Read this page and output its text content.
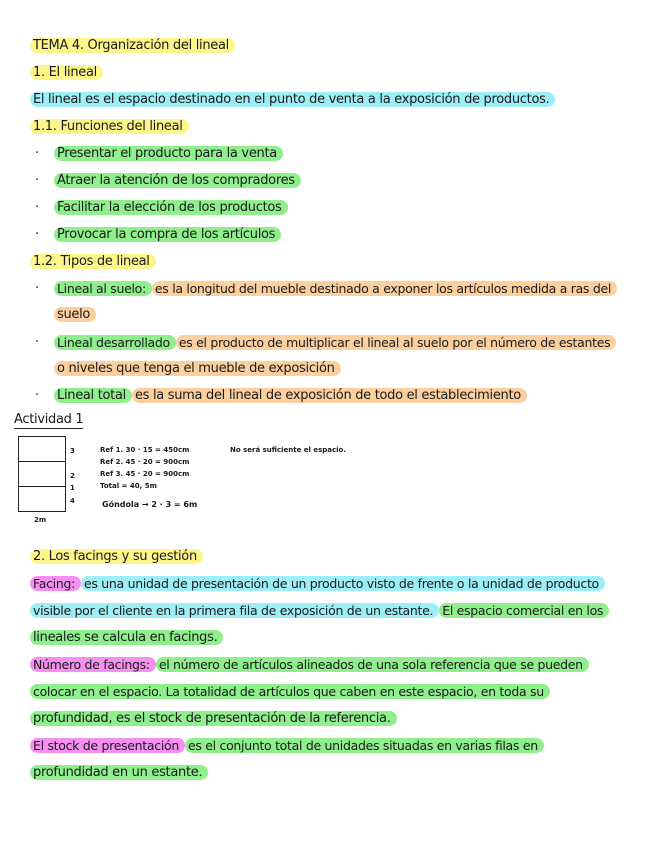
TEMA 4. Organización del lineal
1. El lineal
El lineal es el espacio destinado en el punto de venta a la exposición de productos.
1.1. Funciones del lineal
· Presentar el producto para la venta
· Atraer la atención de los compradores
· Facilitar la elección de los productos
· Provocar la compra de los artículos
1.2. Tipos de lineal
· Lineal al suelo: es la longitud del mueble destinado a exponer los artículos medida a ras del
suelo
· Lineal desarrollado es el producto de multiplicar el lineal al suelo por el número de estantes
o niveles que tenga el mueble de exposición
· Lineal total es la suma del lineal de exposición de todo el establecimiento
Actividad 1
3
2
1
4
2m
Ref 1. 30 · 15 = 450cm
Ref 2. 45 · 20 = 900cm
Ref 3. 45 · 20 = 900cm
Total = 40, 5m
Góndola → 2 · 3 = 6m
No será suficiente el espacio.
2. Los facings y su gestión
Facing: es una unidad de presentación de un producto visto de frente o la unidad de producto
visible por el cliente en la primera fila de exposición de un estante. El espacio comercial en los
lineales se calcula en facings.
Número de facings: el número de artículos alineados de una sola referencia que se pueden
colocar en el espacio. La totalidad de artículos que caben en este espacio, en toda su
profundidad, es el stock de presentación de la referencia.
El stock de presentación es el conjunto total de unidades situadas en varias filas en
profundidad en un estante.
